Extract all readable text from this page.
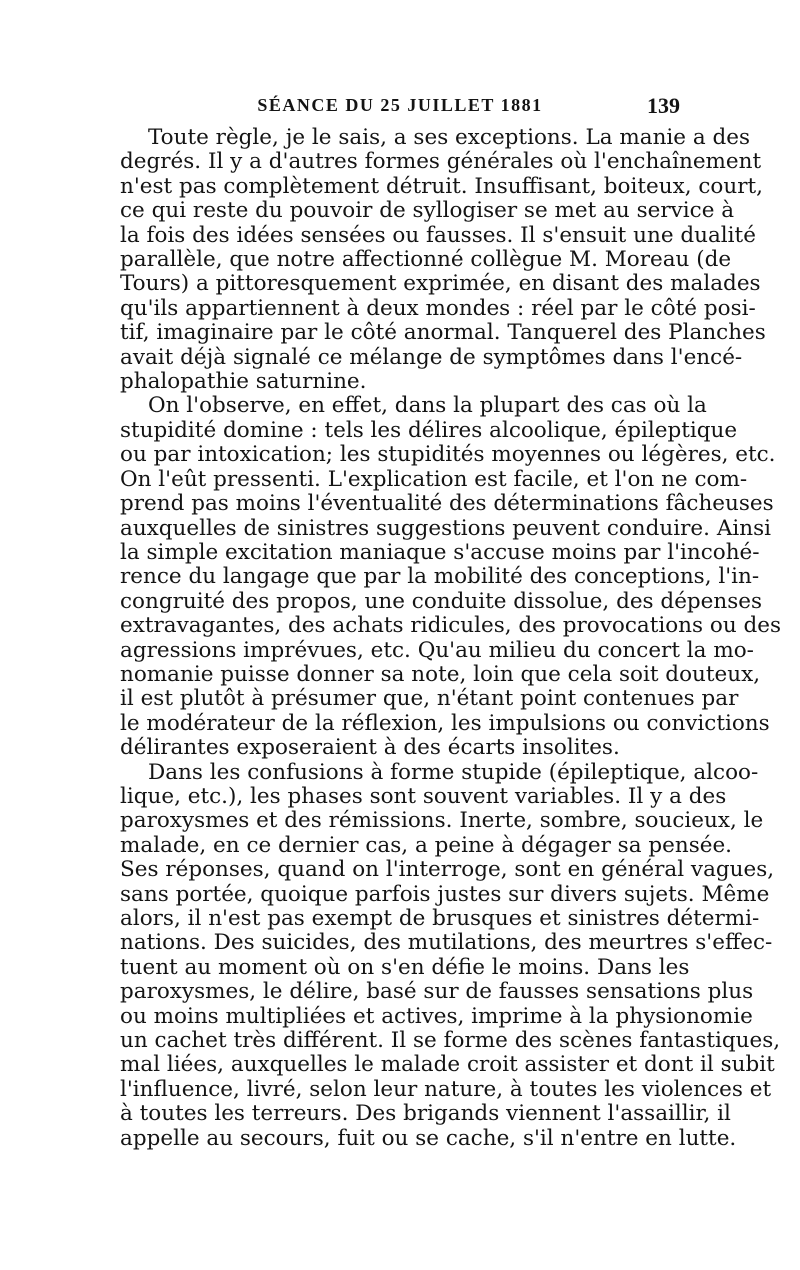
SÉANCE DU 25 JUILLET 1881	139

Toute règle, je le sais, a ses exceptions. La manie a des
degrés. Il y a d'autres formes générales où l'enchaînement
n'est pas complètement détruit. Insuffisant, boiteux, court,
ce qui reste du pouvoir de syllogiser se met au service à
la fois des idées sensées ou fausses. Il s'ensuit une dualité
parallèle, que notre affectionné collègue M. Moreau (de
Tours) a pittoresquement exprimée, en disant des malades
qu'ils appartiennent à deux mondes : réel par le côté posi-
tif, imaginaire par le côté anormal. Tanquerel des Planches
avait déjà signalé ce mélange de symptômes dans l'encé-
phalopathie saturnine.

On l'observe, en effet, dans la plupart des cas où la
stupidité domine : tels les délires alcoolique, épileptique
ou par intoxication; les stupidités moyennes ou légères, etc.
On l'eût pressenti. L'explication est facile, et l'on ne com-
prend pas moins l'éventualité des déterminations fâcheuses
auxquelles de sinistres suggestions peuvent conduire. Ainsi
la simple excitation maniaque s'accuse moins par l'incohé-
rence du langage que par la mobilité des conceptions, l'in-
congruité des propos, une conduite dissolue, des dépenses
extravagantes, des achats ridicules, des provocations ou des
agressions imprévues, etc. Qu'au milieu du concert la mo-
nomanie puisse donner sa note, loin que cela soit douteux,
il est plutôt à présumer que, n'étant point contenues par
le modérateur de la réflexion, les impulsions ou convictions
délirantes exposeraient à des écarts insolites.

Dans les confusions à forme stupide (épileptique, alcoo-
lique, etc.), les phases sont souvent variables. Il y a des
paroxysmes et des rémissions. Inerte, sombre, soucieux, le
malade, en ce dernier cas, a peine à dégager sa pensée.
Ses réponses, quand on l'interroge, sont en général vagues,
sans portée, quoique parfois justes sur divers sujets. Même
alors, il n'est pas exempt de brusques et sinistres détermi-
nations. Des suicides, des mutilations, des meurtres s'effec-
tuent au moment où on s'en défie le moins. Dans les
paroxysmes, le délire, basé sur de fausses sensations plus
ou moins multipliées et actives, imprime à la physionomie
un cachet très différent. Il se forme des scènes fantastiques,
mal liées, auxquelles le malade croit assister et dont il subit
l'influence, livré, selon leur nature, à toutes les violences et
à toutes les terreurs. Des brigands viennent l'assaillir, il
appelle au secours, fuit ou se cache, s'il n'entre en lutte.
